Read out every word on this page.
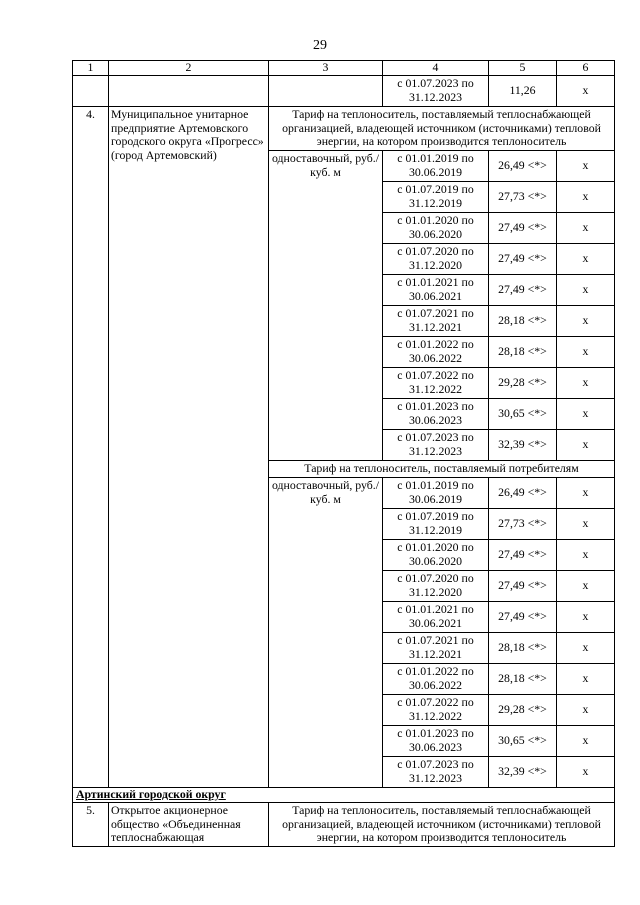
29
1	2	3	4	5	6
			с 01.07.2023 по 31.12.2023	11,26	x
4.	Муниципальное унитарное предприятие Артемовского городского округа «Прогресс» (город Артемовский)	Тариф на теплоноситель, поставляемый теплоснабжающей организацией, владеющей источником (источниками) тепловой энергии, на котором производится теплоноситель			
		одноставочный, руб./куб. м	с 01.01.2019 по 30.06.2019	26,49 <*>	x
			с 01.07.2019 по 31.12.2019	27,73 <*>	x
			с 01.01.2020 по 30.06.2020	27,49 <*>	x
			с 01.07.2020 по 31.12.2020	27,49 <*>	x
			с 01.01.2021 по 30.06.2021	27,49 <*>	x
			с 01.07.2021 по 31.12.2021	28,18 <*>	x
			с 01.01.2022 по 30.06.2022	28,18 <*>	x
			с 01.07.2022 по 31.12.2022	29,28 <*>	x
			с 01.01.2023 по 30.06.2023	30,65 <*>	x
			с 01.07.2023 по 31.12.2023	32,39 <*>	x
		Тариф на теплоноситель, поставляемый потребителям			
		одноставочный, руб./куб. м	с 01.01.2019 по 30.06.2019	26,49 <*>	x
			с 01.07.2019 по 31.12.2019	27,73 <*>	x
			с 01.01.2020 по 30.06.2020	27,49 <*>	x
			с 01.07.2020 по 31.12.2020	27,49 <*>	x
			с 01.01.2021 по 30.06.2021	27,49 <*>	x
			с 01.07.2021 по 31.12.2021	28,18 <*>	x
			с 01.01.2022 по 30.06.2022	28,18 <*>	x
			с 01.07.2022 по 31.12.2022	29,28 <*>	x
			с 01.01.2023 по 30.06.2023	30,65 <*>	x
			с 01.07.2023 по 31.12.2023	32,39 <*>	x
Артинский городской округ					
5.	Открытое акционерное общество «Объединенная теплоснабжающая	Тариф на теплоноситель, поставляемый теплоснабжающей организацией, владеющей источником (источниками) тепловой энергии, на котором производится теплоноситель			
